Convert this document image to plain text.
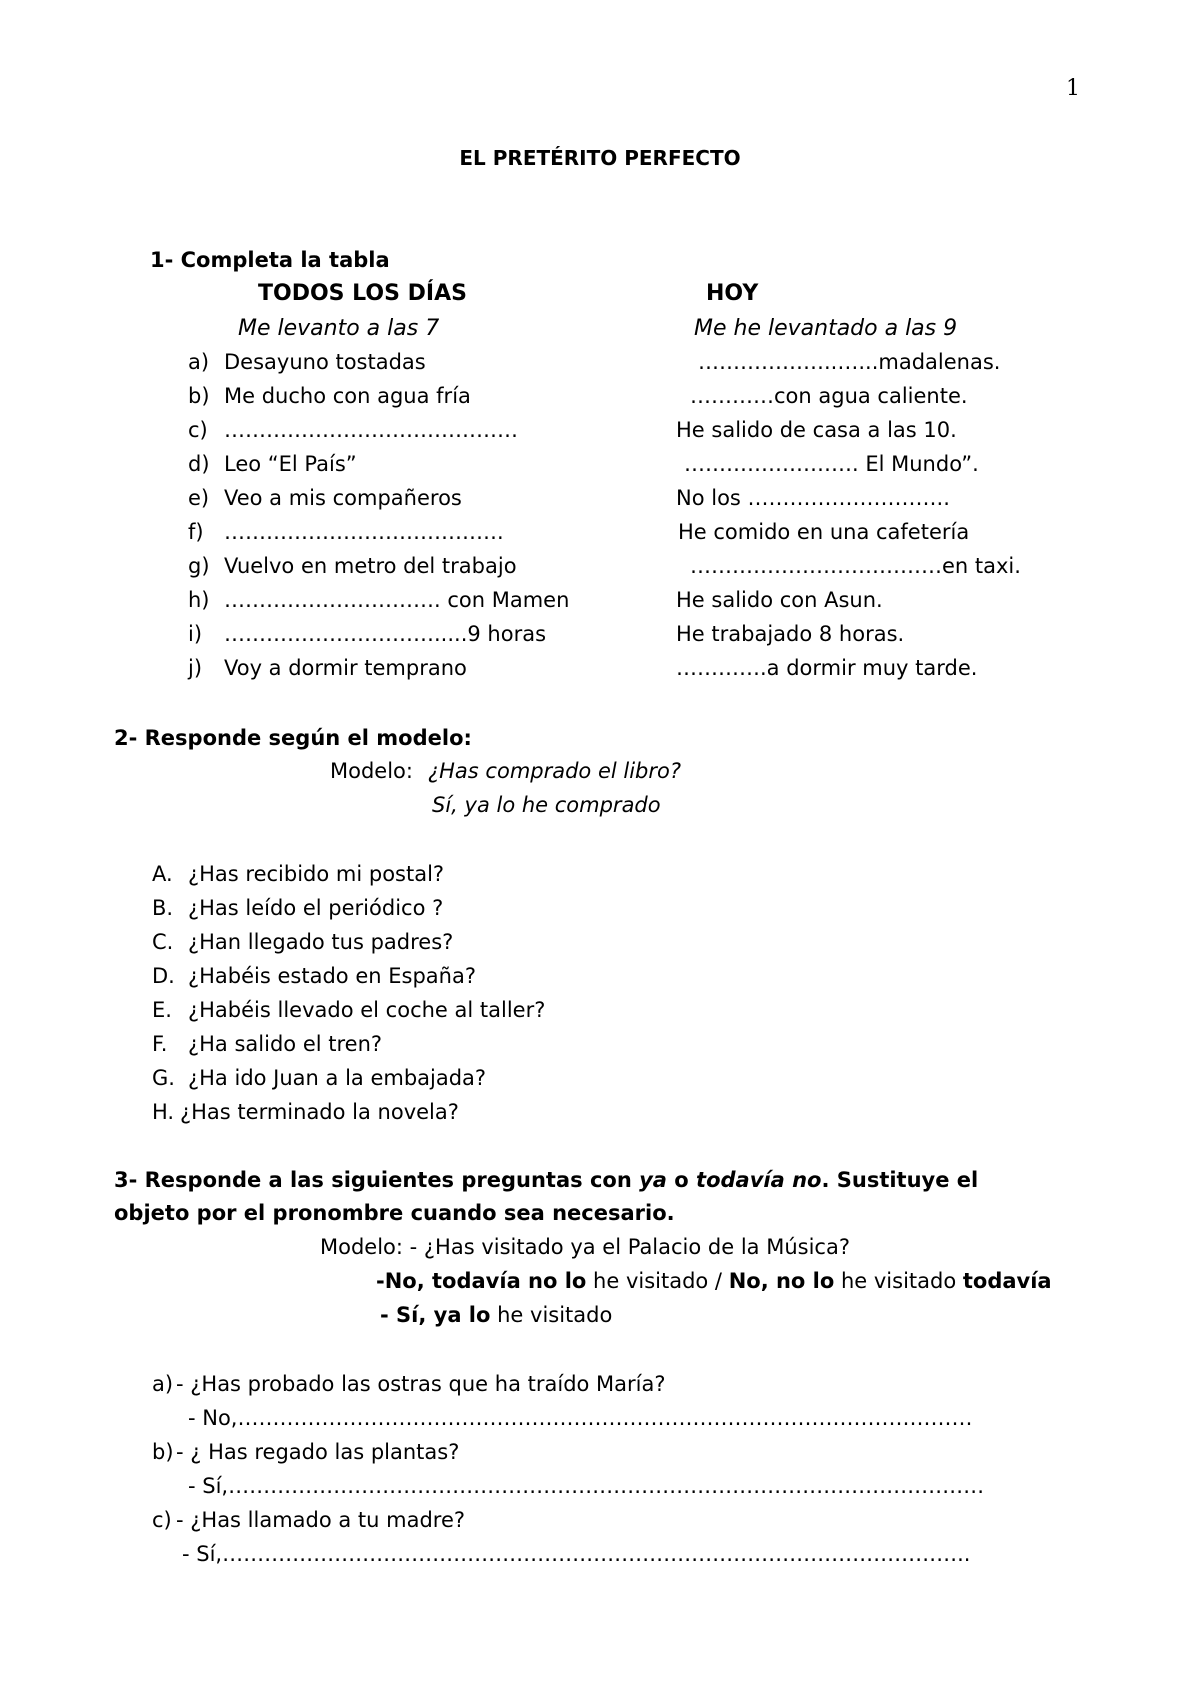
1
EL PRETÉRITO PERFECTO
1- Completa la tabla
TODOS LOS DÍAS	HOY
Me levanto a las 7	Me he levantado a las 9
a) Desayuno tostadas	………………..…...madalenas.
b) Me ducho con agua fría	…………con agua caliente.
c) ……………………………………	He salido de casa a las 10.
d) Leo “El País”	……………………. El Mundo”.
e) Veo a mis compañeros	No los ………………………..
f) ………………………………….	He comido en una cafetería
g) Vuelvo en metro del trabajo	………………………………en taxi.
h) …………………………. con Mamen	He salido con Asun.
i) ………………………….....9 horas	He trabajado 8 horas.
j) Voy a dormir temprano	………….a dormir muy tarde.
2- Responde según el modelo:
Modelo: ¿Has comprado el libro?
Sí, ya lo he comprado
A. ¿Has recibido mi postal?
B. ¿Has leído el periódico ?
C. ¿Han llegado tus padres?
D. ¿Habéis estado en España?
E. ¿Habéis llevado el coche al taller?
F. ¿Ha salido el tren?
G. ¿Ha ido Juan a la embajada?
H. ¿Has terminado la novela?
3- Responde a las siguientes preguntas con ya o todavía no. Sustituye el
objeto por el pronombre cuando sea necesario.
Modelo: - ¿Has visitado ya el Palacio de la Música?
-No, todavía no lo he visitado / No, no lo he visitado todavía
- Sí, ya lo he visitado
a) - ¿Has probado las ostras que ha traído María?
- No,……………………………………………………………………………………………
b) - ¿ Has regado las plantas?
- Sí,………………………………………………………………………………………………
c) - ¿Has llamado a tu madre?
- Sí,……………………………………………………………………………………………..
